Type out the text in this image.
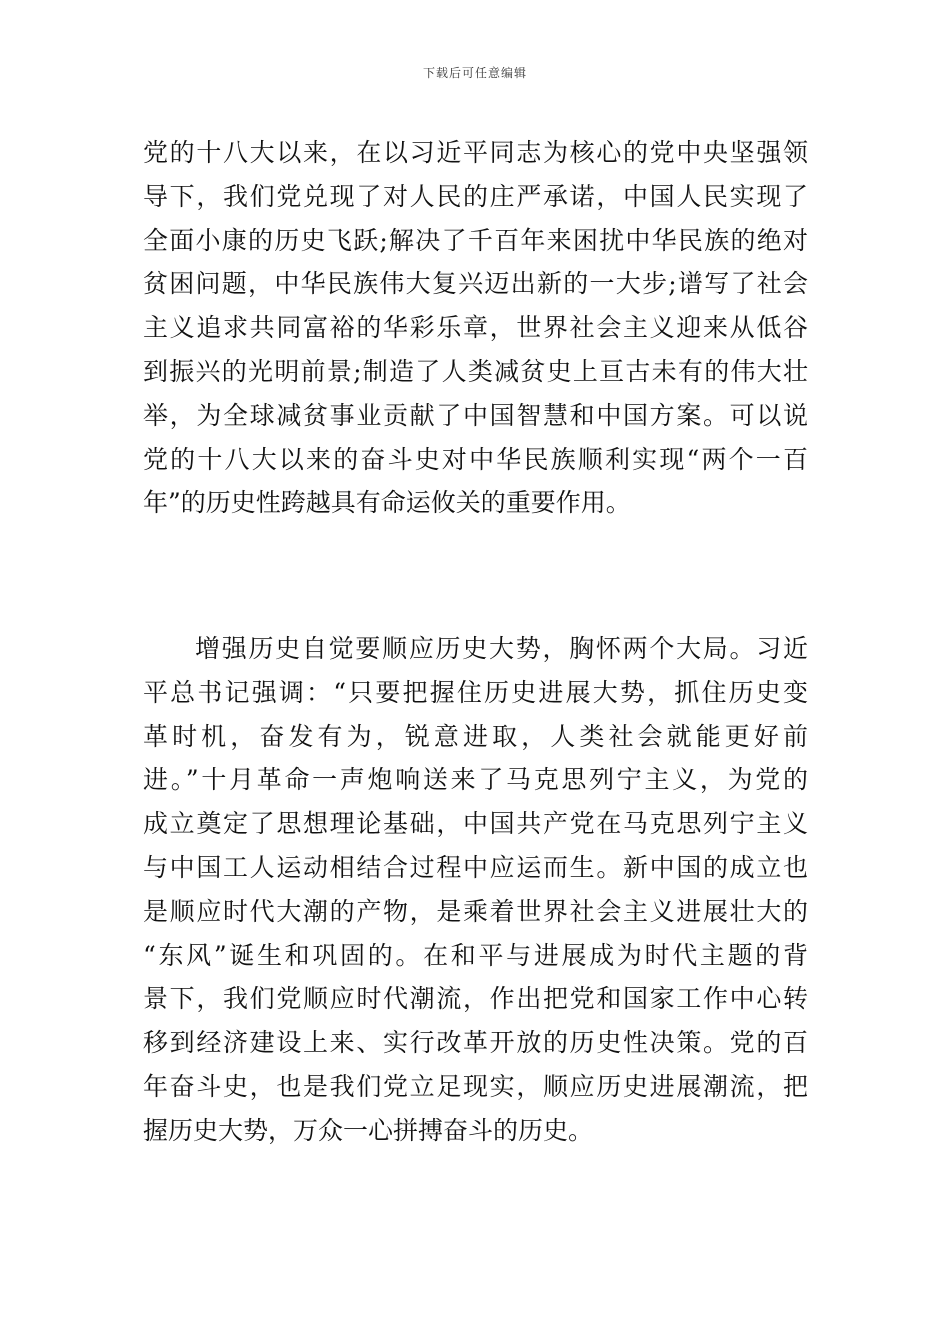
下载后可任意编辑
党的十八大以来，在以习近平同志为核心的党中央坚强领
导下，我们党兑现了对人民的庄严承诺，中国人民实现了
全面小康的历史飞跃;解决了千百年来困扰中华民族的绝对
贫困问题，中华民族伟大复兴迈出新的一大步;谱写了社会
主义追求共同富裕的华彩乐章，世界社会主义迎来从低谷
到振兴的光明前景;制造了人类减贫史上亘古未有的伟大壮
举，为全球减贫事业贡献了中国智慧和中国方案。可以说
党的十八大以来的奋斗史对中华民族顺利实现“两个一百
年”的历史性跨越具有命运攸关的重要作用。
增强历史自觉要顺应历史大势，胸怀两个大局。习近
平总书记强调：“只要把握住历史进展大势，抓住历史变
革时机，奋发有为，锐意进取，人类社会就能更好前
进。”十月革命一声炮响送来了马克思列宁主义，为党的
成立奠定了思想理论基础，中国共产党在马克思列宁主义
与中国工人运动相结合过程中应运而生。新中国的成立也
是顺应时代大潮的产物，是乘着世界社会主义进展壮大的
“东风”诞生和巩固的。在和平与进展成为时代主题的背
景下，我们党顺应时代潮流，作出把党和国家工作中心转
移到经济建设上来、实行改革开放的历史性决策。党的百
年奋斗史，也是我们党立足现实，顺应历史进展潮流，把
握历史大势，万众一心拼搏奋斗的历史。
